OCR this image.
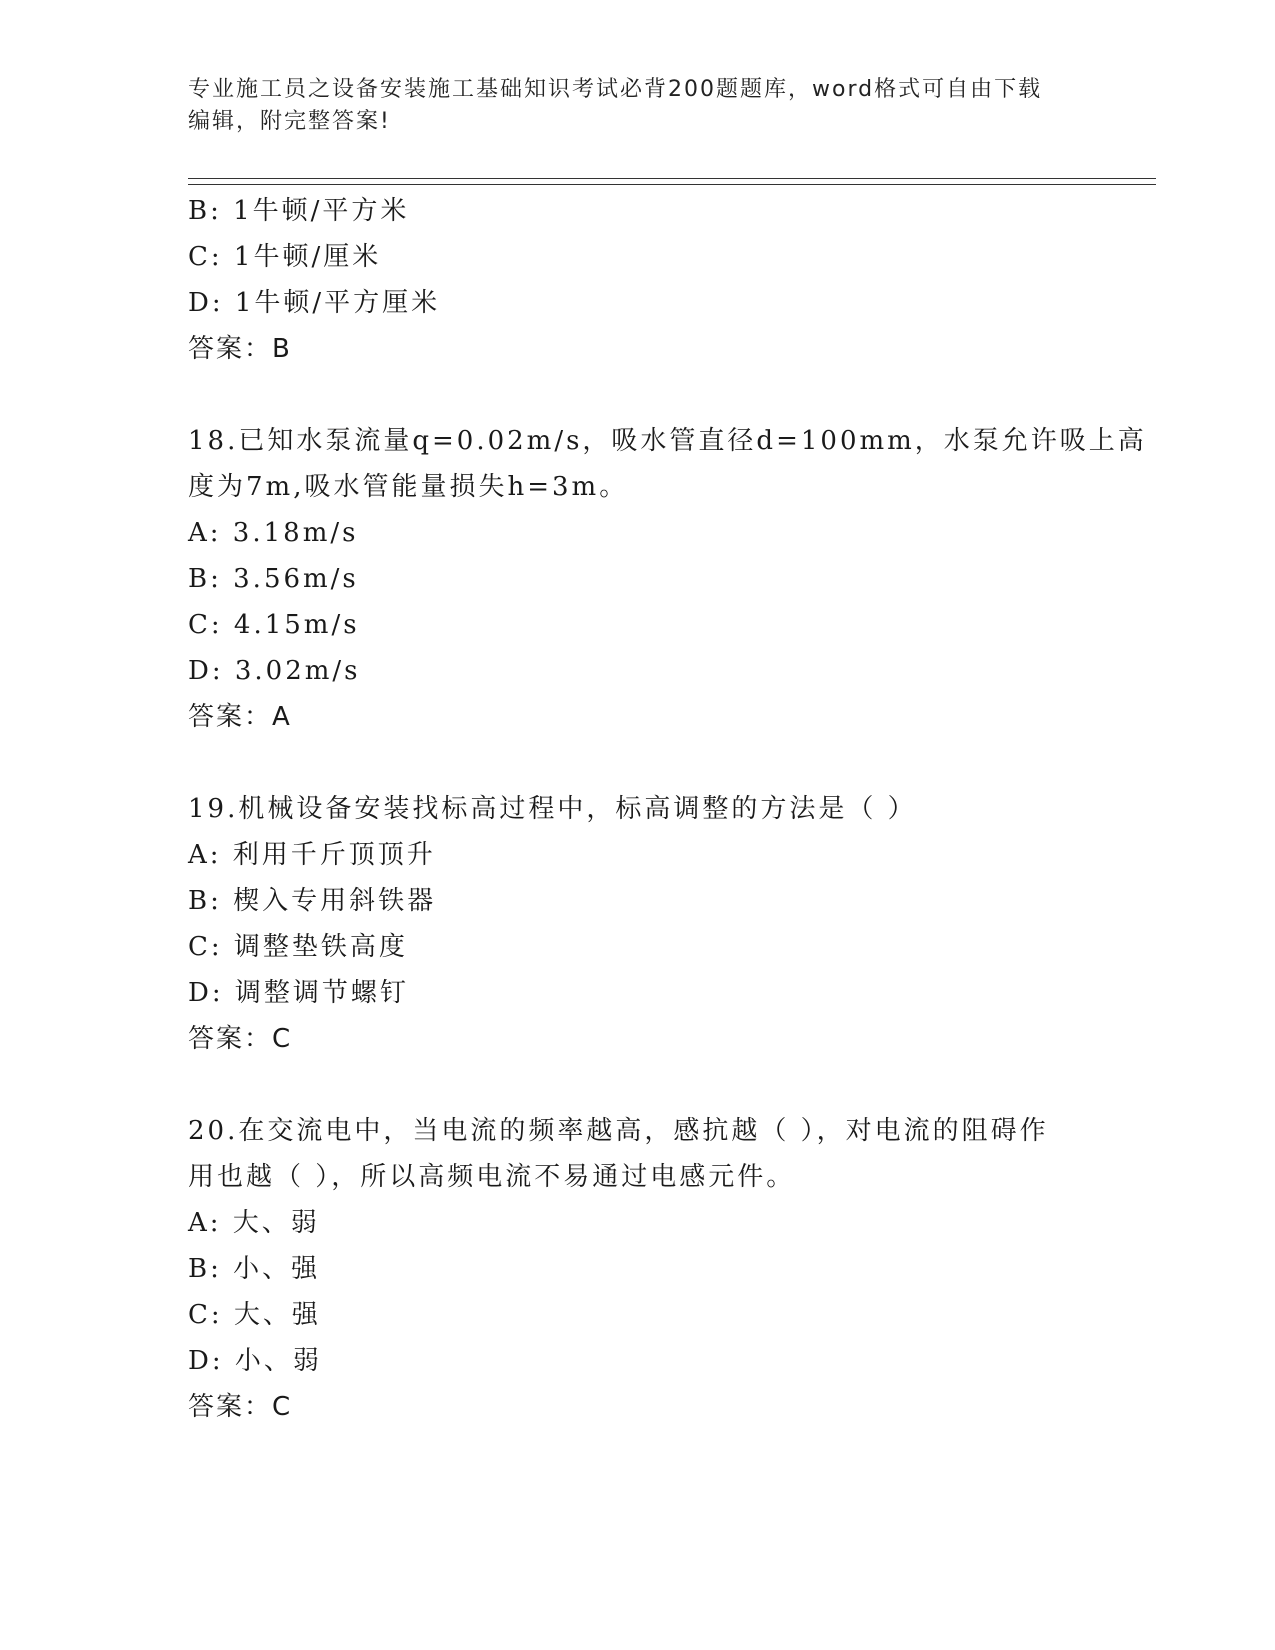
专业施工员之设备安装施工基础知识考试必背200题题库，word格式可自由下载
编辑，附完整答案!
B: 1牛顿/平方米
C: 1牛顿/厘米
D: 1牛顿/平方厘米
答案：B
18.已知水泵流量q=0.02m/s，吸水管直径d=100mm，水泵允许吸上高
度为7m,吸水管能量损失h=3m。
A: 3.18m/s
B: 3.56m/s
C: 4.15m/s
D: 3.02m/s
答案：A
19.机械设备安装找标高过程中，标高调整的方法是（ ）
A: 利用千斤顶顶升
B: 楔入专用斜铁器
C: 调整垫铁高度
D: 调整调节螺钉
答案：C
20.在交流电中，当电流的频率越高，感抗越（ ），对电流的阻碍作
用也越（ ），所以高频电流不易通过电感元件。
A: 大、弱
B: 小、强
C: 大、强
D: 小、弱
答案：C
